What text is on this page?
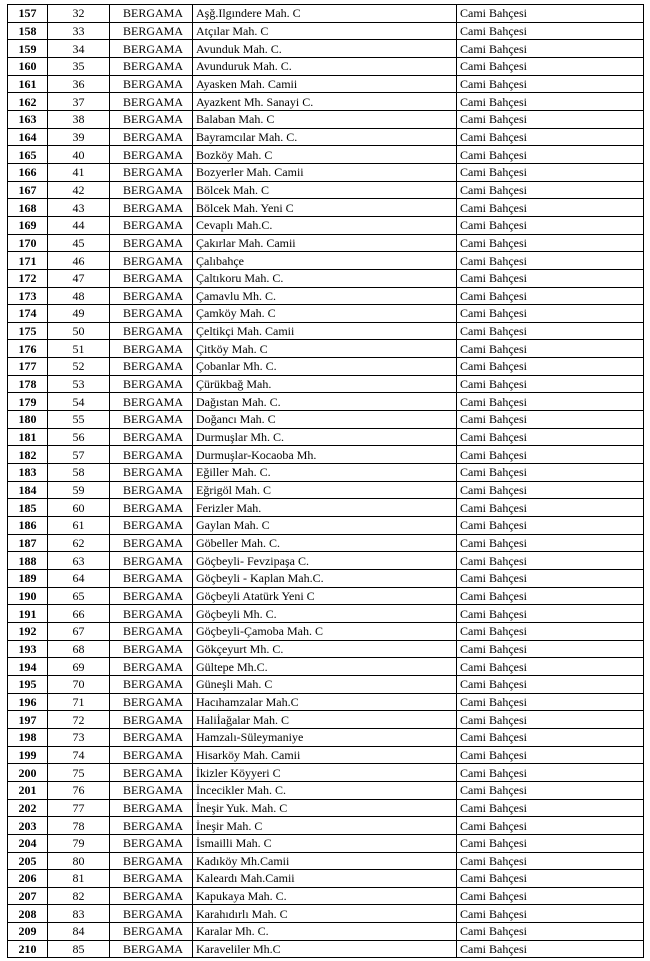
157	32	BERGAMA	Aşğ.Ilgındere Mah. C	Cami Bahçesi
158	33	BERGAMA	Atçılar Mah. C	Cami Bahçesi
159	34	BERGAMA	Avunduk Mah. C.	Cami Bahçesi
160	35	BERGAMA	Avunduruk Mah. C.	Cami Bahçesi
161	36	BERGAMA	Ayasken Mah. Camii	Cami Bahçesi
162	37	BERGAMA	Ayazkent Mh. Sanayi C.	Cami Bahçesi
163	38	BERGAMA	Balaban Mah. C	Cami Bahçesi
164	39	BERGAMA	Bayramcılar Mah. C.	Cami Bahçesi
165	40	BERGAMA	Bozköy Mah. C	Cami Bahçesi
166	41	BERGAMA	Bozyerler Mah. Camii	Cami Bahçesi
167	42	BERGAMA	Bölcek Mah. C	Cami Bahçesi
168	43	BERGAMA	Bölcek Mah. Yeni C	Cami Bahçesi
169	44	BERGAMA	Cevaplı Mah.C.	Cami Bahçesi
170	45	BERGAMA	Çakırlar Mah. Camii	Cami Bahçesi
171	46	BERGAMA	Çalıbahçe	Cami Bahçesi
172	47	BERGAMA	Çaltıkoru Mah. C.	Cami Bahçesi
173	48	BERGAMA	Çamavlu Mh. C.	Cami Bahçesi
174	49	BERGAMA	Çamköy Mah. C	Cami Bahçesi
175	50	BERGAMA	Çeltikçi Mah. Camii	Cami Bahçesi
176	51	BERGAMA	Çitköy Mah. C	Cami Bahçesi
177	52	BERGAMA	Çobanlar Mh. C.	Cami Bahçesi
178	53	BERGAMA	Çürükbağ Mah.	Cami Bahçesi
179	54	BERGAMA	Dağıstan Mah. C.	Cami Bahçesi
180	55	BERGAMA	Doğancı Mah. C	Cami Bahçesi
181	56	BERGAMA	Durmuşlar Mh. C.	Cami Bahçesi
182	57	BERGAMA	Durmuşlar-Kocaoba Mh.	Cami Bahçesi
183	58	BERGAMA	Eğiller Mah. C.	Cami Bahçesi
184	59	BERGAMA	Eğrigöl Mah. C	Cami Bahçesi
185	60	BERGAMA	Ferizler Mah.	Cami Bahçesi
186	61	BERGAMA	Gaylan Mah. C	Cami Bahçesi
187	62	BERGAMA	Göbeller Mah. C.	Cami Bahçesi
188	63	BERGAMA	Göçbeyli- Fevzipaşa C.	Cami Bahçesi
189	64	BERGAMA	Göçbeyli - Kaplan Mah.C.	Cami Bahçesi
190	65	BERGAMA	Göçbeyli Atatürk Yeni C	Cami Bahçesi
191	66	BERGAMA	Göçbeyli Mh. C.	Cami Bahçesi
192	67	BERGAMA	Göçbeyli-Çamoba Mah. C	Cami Bahçesi
193	68	BERGAMA	Gökçeyurt Mh. C.	Cami Bahçesi
194	69	BERGAMA	Gültepe Mh.C.	Cami Bahçesi
195	70	BERGAMA	Güneşli Mah. C	Cami Bahçesi
196	71	BERGAMA	Hacıhamzalar Mah.C	Cami Bahçesi
197	72	BERGAMA	Haliİağalar Mah. C	Cami Bahçesi
198	73	BERGAMA	Hamzalı-Süleymaniye	Cami Bahçesi
199	74	BERGAMA	Hisarköy Mah. Camii	Cami Bahçesi
200	75	BERGAMA	İkizler Köyyeri C	Cami Bahçesi
201	76	BERGAMA	İncecikler Mah. C.	Cami Bahçesi
202	77	BERGAMA	İneşir Yuk. Mah. C	Cami Bahçesi
203	78	BERGAMA	İneşir Mah. C	Cami Bahçesi
204	79	BERGAMA	İsmailli Mah. C	Cami Bahçesi
205	80	BERGAMA	Kadıköy Mh.Camii	Cami Bahçesi
206	81	BERGAMA	Kaleardı Mah.Camii	Cami Bahçesi
207	82	BERGAMA	Kapukaya Mah. C.	Cami Bahçesi
208	83	BERGAMA	Karahıdırlı Mah. C	Cami Bahçesi
209	84	BERGAMA	Karalar Mh. C.	Cami Bahçesi
210	85	BERGAMA	Karaveliler Mh.C	Cami Bahçesi
